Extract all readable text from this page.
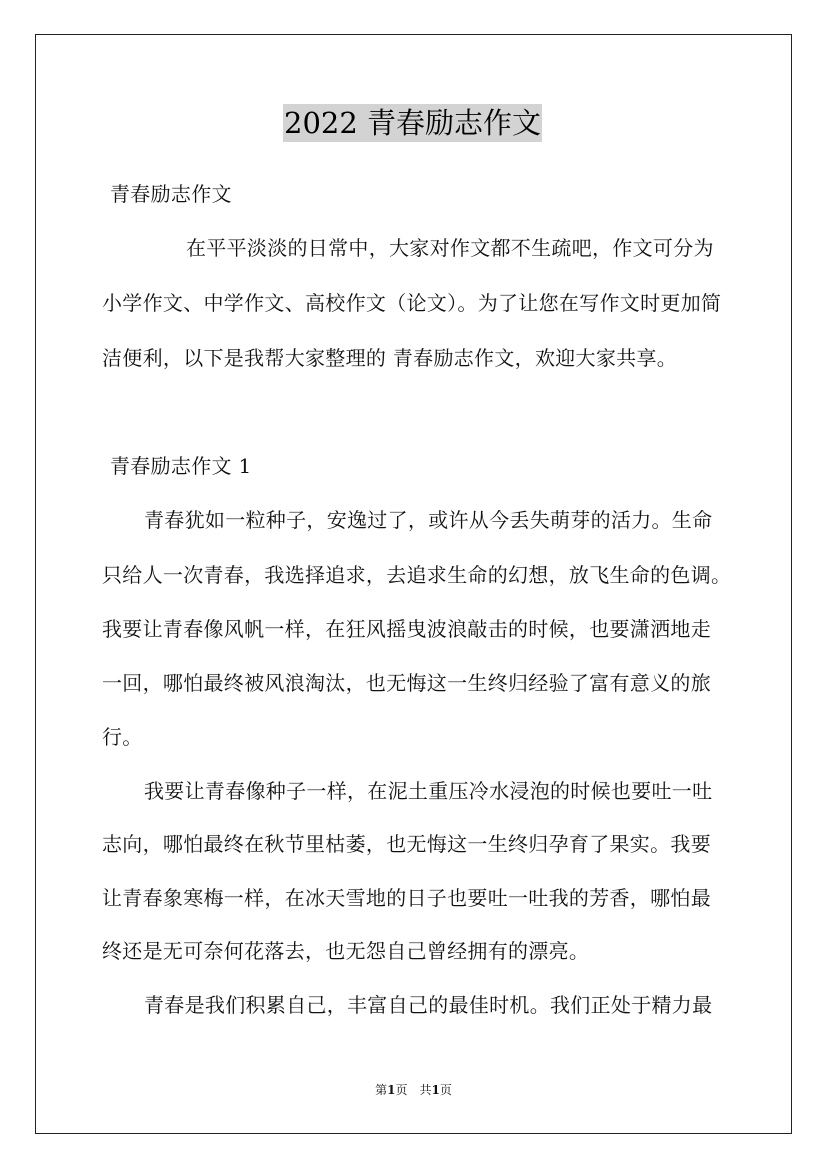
2022 青春励志作文
青春励志作文
在平平淡淡的日常中，大家对作文都不生疏吧，作文可分为
小学作文、中学作文、高校作文（论文）。为了让您在写作文时更加简
洁便利，以下是我帮大家整理的 青春励志作文，欢迎大家共享。
青春励志作文 1
青春犹如一粒种子，安逸过了，或许从今丢失萌芽的活力。生命
只给人一次青春，我选择追求，去追求生命的幻想，放飞生命的色调。
我要让青春像风帆一样，在狂风摇曳波浪敲击的时候，也要潇洒地走
一回，哪怕最终被风浪淘汰，也无悔这一生终归经验了富有意义的旅
行。
我要让青春像种子一样，在泥土重压冷水浸泡的时候也要吐一吐
志向，哪怕最终在秋节里枯萎，也无悔这一生终归孕育了果实。我要
让青春象寒梅一样，在冰天雪地的日子也要吐一吐我的芳香，哪怕最
终还是无可奈何花落去，也无怨自己曾经拥有的漂亮。
青春是我们积累自己，丰富自己的最佳时机。我们正处于精力最
第1页　共1页
